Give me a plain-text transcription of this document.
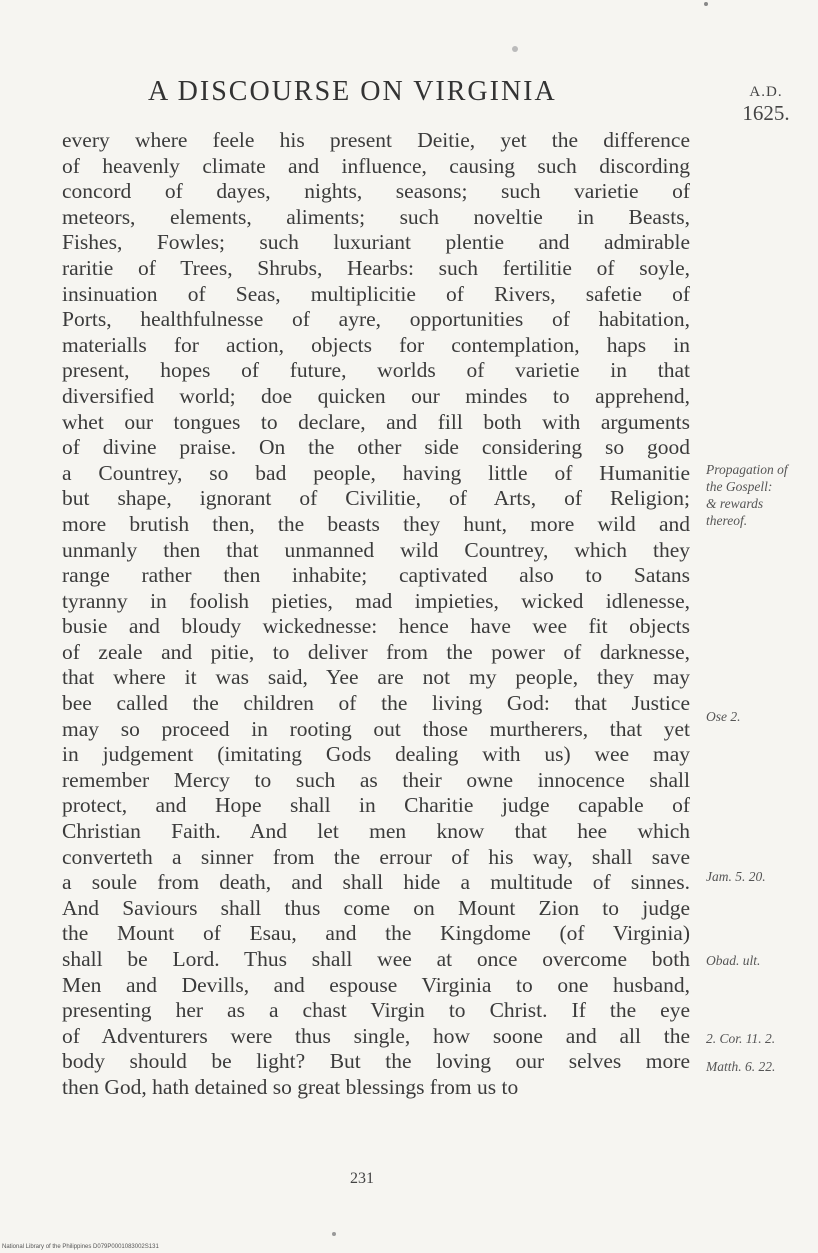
A DISCOURSE ON VIRGINIA	A.D.
1625.
every where feele his present Deitie, yet the difference
of heavenly climate and influence, causing such discording
concord of dayes, nights, seasons; such varietie of
meteors, elements, aliments; such noveltie in Beasts,
Fishes, Fowles; such luxuriant plentie and admirable
raritie of Trees, Shrubs, Hearbs: such fertilitie of soyle,
insinuation of Seas, multiplicitie of Rivers, safetie of
Ports, healthfulnesse of ayre, opportunities of habitation,
materialls for action, objects for contemplation, haps in
present, hopes of future, worlds of varietie in that
diversified world; doe quicken our mindes to apprehend,
whet our tongues to declare, and fill both with arguments
of divine praise. On the other side considering so good
a Countrey, so bad people, having little of Humanitie
but shape, ignorant of Civilitie, of Arts, of Religion;
more brutish then, the beasts they hunt, more wild and
unmanly then that unmanned wild Countrey, which they
range rather then inhabite; captivated also to Satans
tyranny in foolish pieties, mad impieties, wicked idlenesse,
busie and bloudy wickednesse: hence have wee fit objects
of zeale and pitie, to deliver from the power of darknesse,
that where it was said, Yee are not my people, they may
bee called the children of the living God: that Justice
may so proceed in rooting out those murtherers, that yet
in judgement (imitating Gods dealing with us) wee may
remember Mercy to such as their owne innocence shall
protect, and Hope shall in Charitie judge capable of
Christian Faith. And let men know that hee which
converteth a sinner from the errour of his way, shall save
a soule from death, and shall hide a multitude of sinnes.
And Saviours shall thus come on Mount Zion to judge
the Mount of Esau, and the Kingdome (of Virginia)
shall be Lord. Thus shall wee at once overcome both
Men and Devills, and espouse Virginia to one husband,
presenting her as a chast Virgin to Christ. If the eye
of Adventurers were thus single, how soone and all the
body should be light? But the loving our selves more
then God, hath detained so great blessings from us to
Propagation of
the Gospell:
& rewards
thereof.
Ose 2.
Jam. 5. 20.
Obad. ult.
2. Cor. 11. 2.
Matth. 6. 22.
231
National Library of the Philippines D079P0001083002S131
